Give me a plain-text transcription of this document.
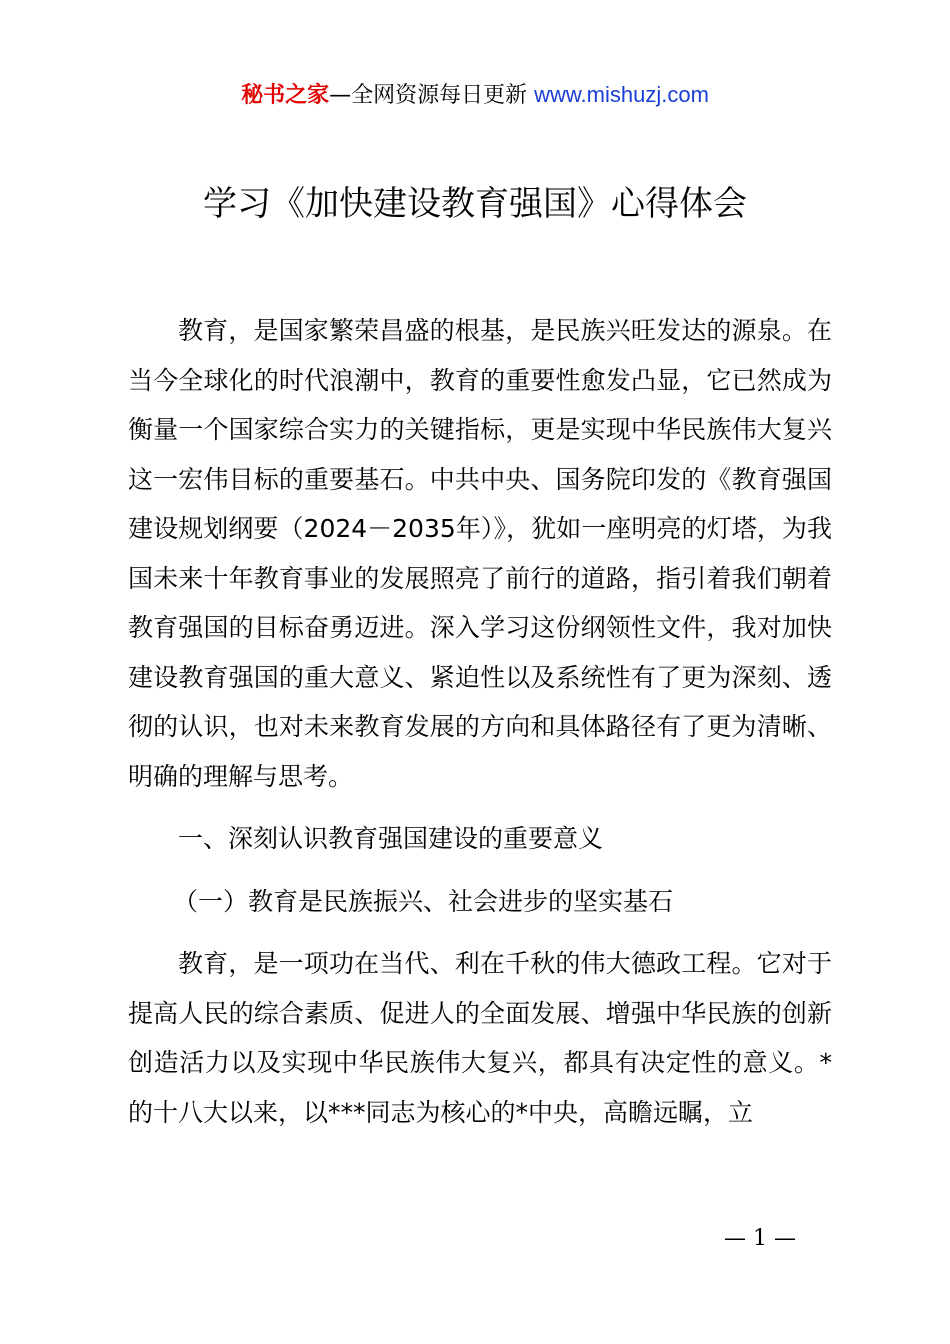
秘书之家—全网资源每日更新 www.mishuzj.com
学习《加快建设教育强国》心得体会

教育，是国家繁荣昌盛的根基，是民族兴旺发达的源泉。在当今全球化的时代浪潮中，教育的重要性愈发凸显，它已然成为衡量一个国家综合实力的关键指标，更是实现中华民族伟大复兴这一宏伟目标的重要基石。中共中央、国务院印发的《教育强国建设规划纲要（2024－2035年）》，犹如一座明亮的灯塔，为我国未来十年教育事业的发展照亮了前行的道路，指引着我们朝着教育强国的目标奋勇迈进。深入学习这份纲领性文件，我对加快建设教育强国的重大意义、紧迫性以及系统性有了更为深刻、透彻的认识，也对未来教育发展的方向和具体路径有了更为清晰、明确的理解与思考。

一、深刻认识教育强国建设的重要意义

（一）教育是民族振兴、社会进步的坚实基石

教育，是一项功在当代、利在千秋的伟大德政工程。它对于提高人民的综合素质、促进人的全面发展、增强中华民族的创新创造活力以及实现中华民族伟大复兴，都具有决定性的意义。*的十八大以来，以***同志为核心的*中央，高瞻远瞩，立

— 1 —
